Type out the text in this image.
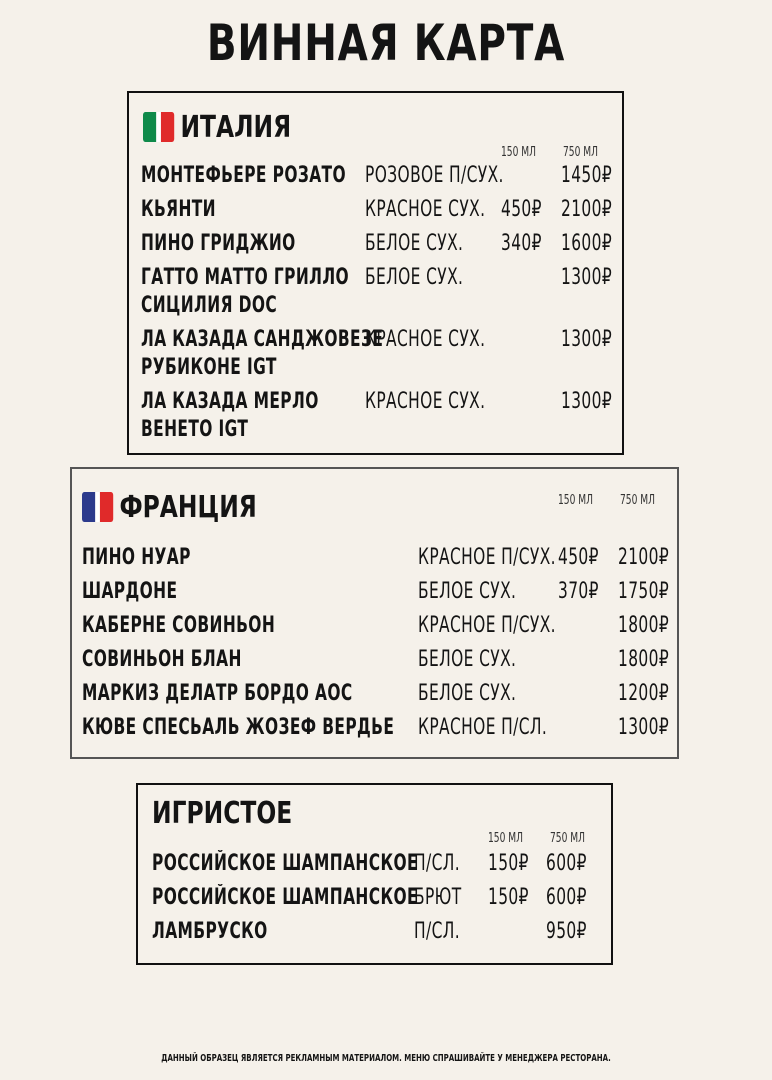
ВИННАЯ КАРТА
ИТАЛИЯ
150 МЛ 750 МЛ
МОНТЕФЬЕРЕ РОЗАТО РОЗОВОЕ П/СУХ.	1450₽
КЬЯНТИ	КРАСНОЕ СУХ. 450₽ 2100₽
ПИНО ГРИДЖИО	БЕЛОЕ СУХ. 340₽ 1600₽
ГАТТО МАТТО ГРИЛЛО
СИЦИЛИЯ DOC
БЕЛОЕ СУХ.	1300₽
ЛА КАЗАДА САНДЖОВЕЗЕ
РУБИКОНЕ IGT
КРАСНОЕ СУХ.	1300₽
ЛА КАЗАДА МЕРЛО
ВЕНЕТО IGT
КРАСНОЕ СУХ.	1300₽
ФРАНЦИЯ	150 МЛ 750 МЛ
ПИНО НУАР	КРАСНОЕ П/СУХ. 450₽ 2100₽
ШАРДОНЕ	БЕЛОЕ СУХ. 370₽ 1750₽
КАБЕРНЕ СОВИНЬОН	КРАСНОЕ П/СУХ.	1800₽
СОВИНЬОН БЛАН	БЕЛОЕ СУХ.	1800₽
МАРКИЗ ДЕЛАТР БОРДО АОС	БЕЛОЕ СУХ.	1200₽
КЮВЕ СПЕСЬАЛЬ ЖОЗЕФ ВЕРДЬЕ КРАСНОЕ П/СЛ.	1300₽
ИГРИСТОЕ
150 МЛ 750 МЛ
РОССИЙСКОЕ ШАМПАНСКОЕ
П/СЛ. 150₽ 600₽
РОССИЙСКОЕ ШАМПАНСКОЕ
БРЮТ 150₽ 600₽
ЛАМБРУСКО	П/СЛ.	950₽
ДАННЫЙ ОБРАЗЕЦ ЯВЛЯЕТСЯ РЕКЛАМНЫМ МАТЕРИАЛОМ. МЕНЮ СПРАШИВАЙТЕ У МЕНЕДЖЕРА РЕСТОРАНА.
